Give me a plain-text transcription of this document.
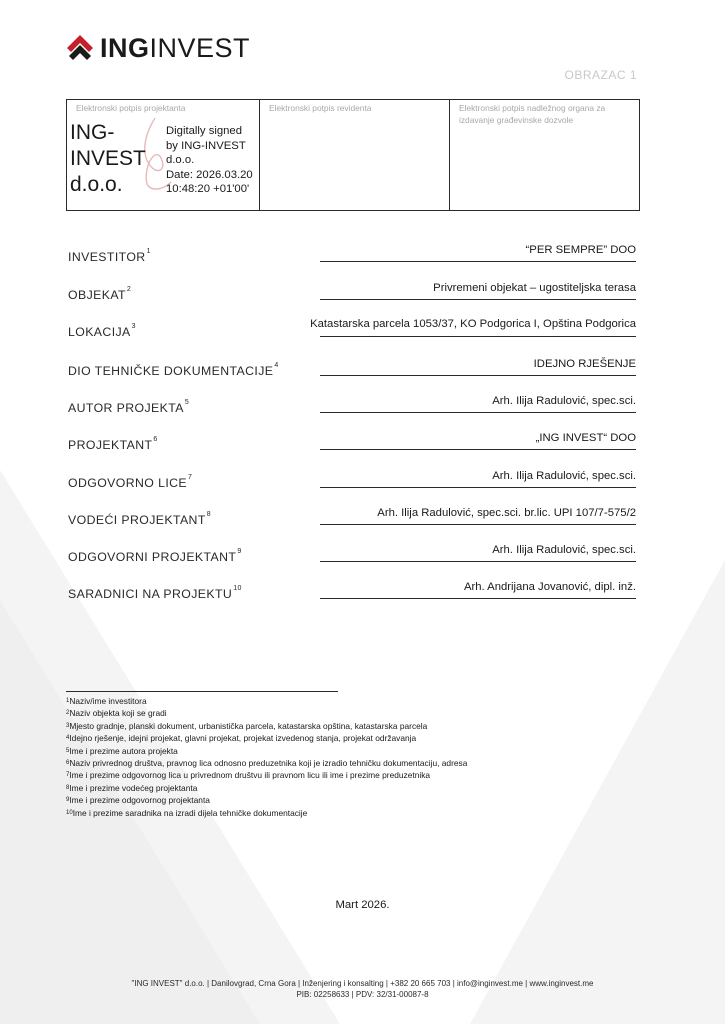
INGINVEST
OBRAZAC 1
Elektronski potpis projektanta
ING-
INVEST
d.o.o.
Digitally signed
by ING-INVEST
d.o.o.
Date: 2026.03.20
10:48:20 +01'00'
Elektronski potpis revidenta	Elektronski potpis nadležnog organa za izdavanje građevinske dozvole
INVESTITOR$^1$	“PER SEMPRE” DOO
OBJEKAT$^2$	Privremeni objekat – ugostiteljska terasa
LOKACIJA$^3$	Katastarska parcela 1053/37, KO Podgorica I, Opština Podgorica
DIO TEHNIČKE DOKUMENTACIJE$^4$	IDEJNO RJEŠENJE
AUTOR PROJEKTA$^5$	Arh. Ilija Radulović, spec.sci.
PROJEKTANT$^6$	„ING INVEST“ DOO
ODGOVORNO LICE$^7$	Arh. Ilija Radulović, spec.sci.
VODEĆI PROJEKTANT$^8$	Arh. Ilija Radulović, spec.sci. br.lic. UPI 107/7-575/2
ODGOVORNI PROJEKTANT$^9$	Arh. Ilija Radulović, spec.sci.
SARADNICI NA PROJEKTU$^{10}$	Arh. Andrijana Jovanović, dipl. inž.
$^1$Naziv/ime investitora
$^2$Naziv objekta koji se gradi
$^3$Mjesto gradnje, planski dokument, urbanistička parcela, katastarska opština, katastarska parcela
$^4$Idejno rješenje, idejni projekat, glavni projekat, projekat izvedenog stanja, projekat održavanja
$^5$Ime i prezime autora projekta
$^6$Naziv privrednog društva, pravnog lica odnosno preduzetnika koji je izradio tehničku dokumentaciju, adresa
$^7$Ime i prezime odgovornog lica u privrednom društvu ili pravnom licu ili ime i prezime preduzetnika
$^8$Ime i prezime vodećeg projektanta
$^9$Ime i prezime odgovornog projektanta
$^{10}$Ime i prezime saradnika na izradi dijela tehničke dokumentacije
Mart 2026.
"ING INVEST" d.o.o. | Danilovgrad, Crna Gora | Inženjering i konsalting | +382 20 665 703 | info@inginvest.me | www.inginvest.me
PIB: 02258633 | PDV: 32/31-00087-8
